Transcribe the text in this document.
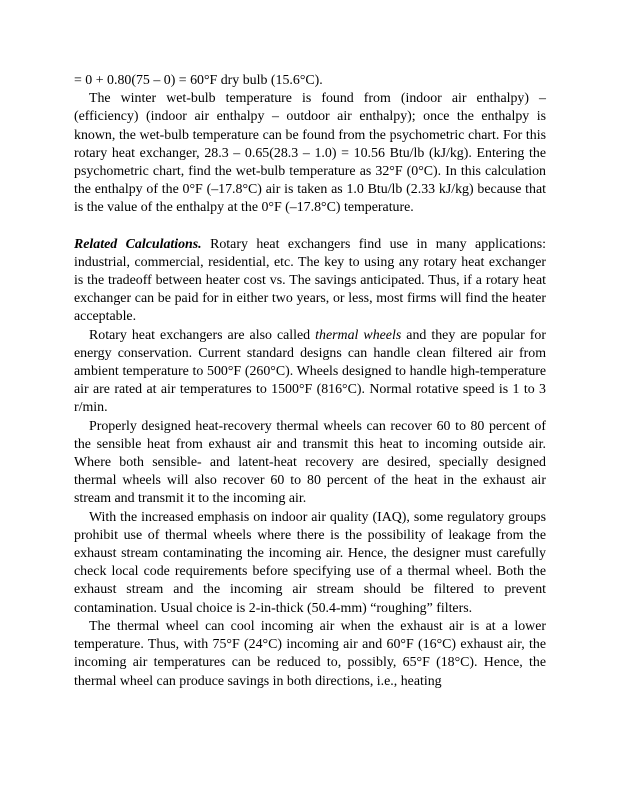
= 0 + 0.80(75 – 0) = 60°F dry bulb (15.6°C).

The winter wet-bulb temperature is found from (indoor air enthalpy) – (efficiency) (indoor air enthalpy – outdoor air enthalpy); once the enthalpy is known, the wet-bulb temperature can be found from the psychometric chart. For this rotary heat exchanger, 28.3 – 0.65(28.3 – 1.0) = 10.56 Btu/lb (kJ/kg). Entering the psychometric chart, find the wet-bulb temperature as 32°F (0°C). In this calculation the enthalpy of the 0°F (–17.8°C) air is taken as 1.0 Btu/lb (2.33 kJ/kg) because that is the value of the enthalpy at the 0°F (–17.8°C) temperature.

Related Calculations. Rotary heat exchangers find use in many applications: industrial, commercial, residential, etc. The key to using any rotary heat exchanger is the tradeoff between heater cost vs. The savings anticipated. Thus, if a rotary heat exchanger can be paid for in either two years, or less, most firms will find the heater acceptable.

Rotary heat exchangers are also called thermal wheels and they are popular for energy conservation. Current standard designs can handle clean filtered air from ambient temperature to 500°F (260°C). Wheels designed to handle high-temperature air are rated at air temperatures to 1500°F (816°C). Normal rotative speed is 1 to 3 r/min.

Properly designed heat-recovery thermal wheels can recover 60 to 80 percent of the sensible heat from exhaust air and transmit this heat to incoming outside air. Where both sensible- and latent-heat recovery are desired, specially designed thermal wheels will also recover 60 to 80 percent of the heat in the exhaust air stream and transmit it to the incoming air.

With the increased emphasis on indoor air quality (IAQ), some regulatory groups prohibit use of thermal wheels where there is the possibility of leakage from the exhaust stream contaminating the incoming air. Hence, the designer must carefully check local code requirements before specifying use of a thermal wheel. Both the exhaust stream and the incoming air stream should be filtered to prevent contamination. Usual choice is 2-in-thick (50.4-mm) “roughing” filters.

The thermal wheel can cool incoming air when the exhaust air is at a lower temperature. Thus, with 75°F (24°C) incoming air and 60°F (16°C) exhaust air, the incoming air temperatures can be reduced to, possibly, 65°F (18°C). Hence, the thermal wheel can produce savings in both directions, i.e., heating
